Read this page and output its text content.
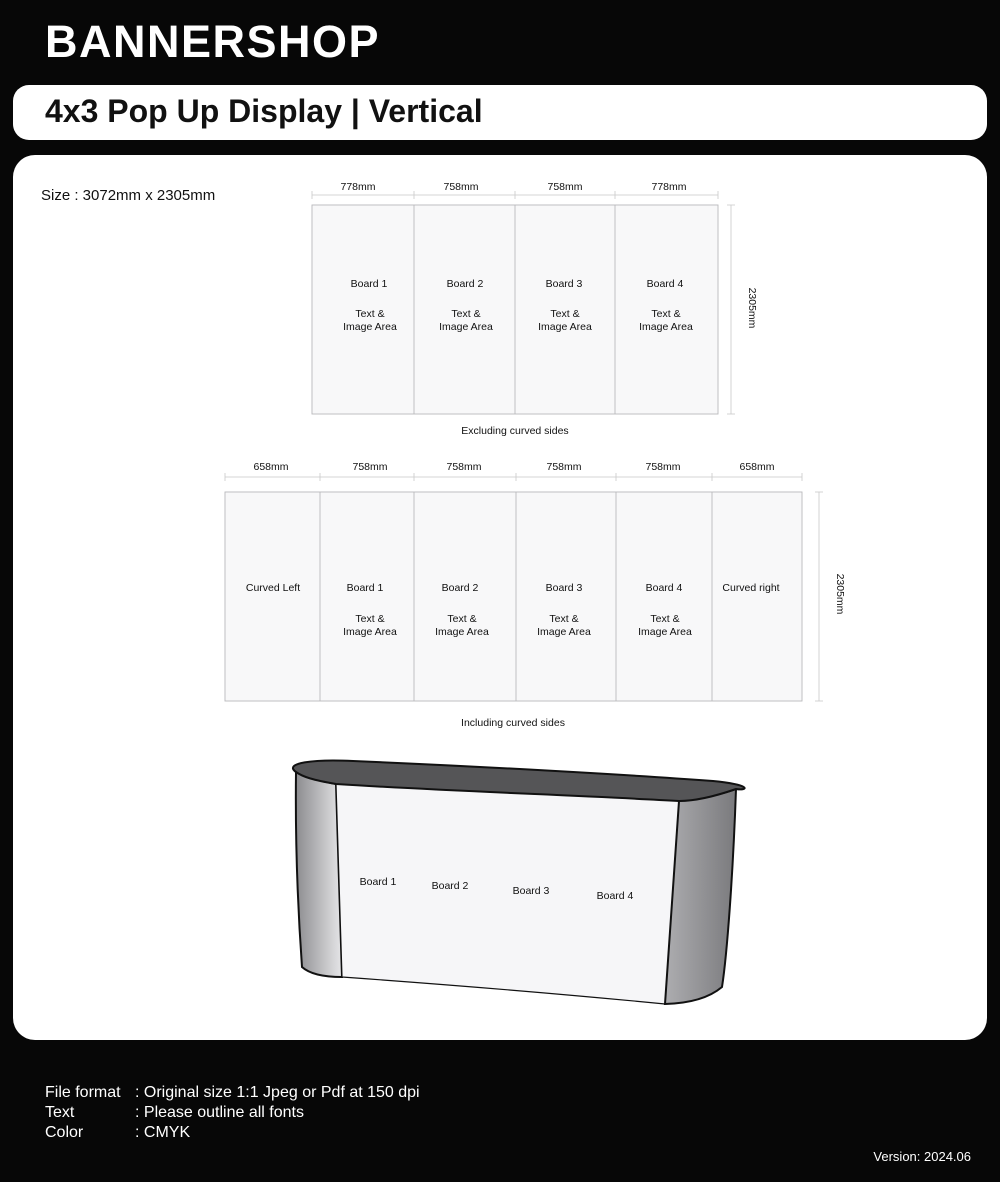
BANNERSHOP
4x3 Pop Up Display | Vertical
Size : 3072mm x 2305mm	778mm	758mm	758mm	778mm
Board 1
Text &
Image Area
Board 2
Text &
Image Area
Board 3
Text &
Image Area
Board 4
Text &
Image Area	2305mm
Excluding curved sides
658mm	758mm	758mm	758mm	758mm	658mm
Curved Left	Board 1
Text &
Image Area
Board 2
Text &
Image Area
Board 3
Text &
Image Area
Board 4
Text &
Image Area
Curved right	2305mm
Including curved sides
Board 1	Board 2	Board 3	Board 4
File format : Original size 1:1 Jpeg or Pdf at 150 dpi
Text	: Please outline all fonts
Color	: CMYK
Version: 2024.06
